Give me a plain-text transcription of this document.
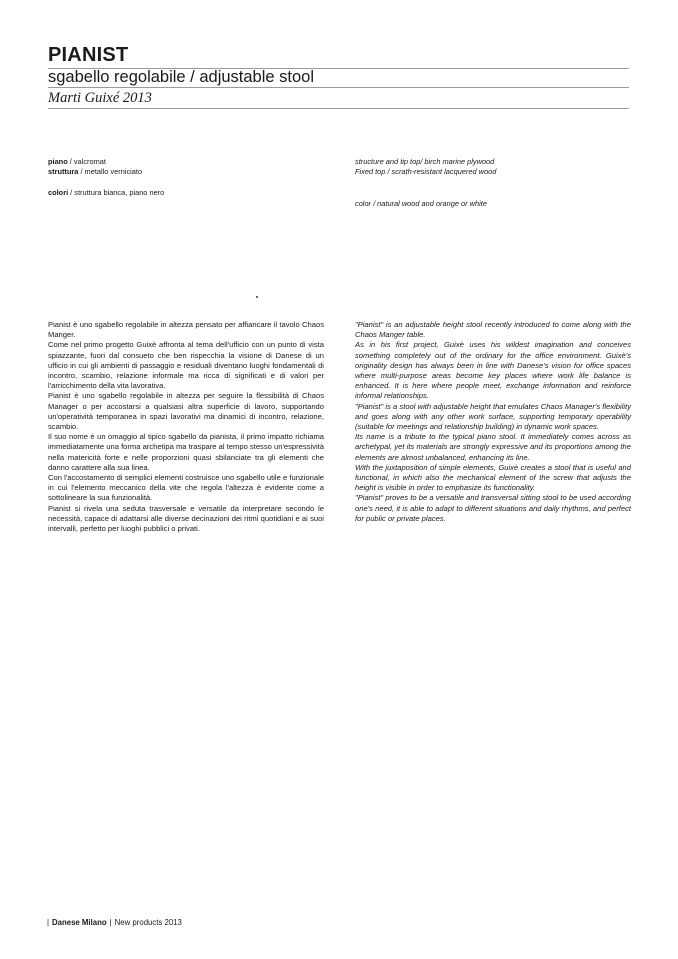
PIANIST
sgabello regolabile / adjustable stool
Marti Guixé 2013
piano / valcromat
struttura / metallo verniciato
colori / struttura bianca, piano nero
structure and tip top/ birch marine plywood
Fixed top / scrath-resistant lacquered wood
color / natural wood and orange or white

Pianist è uno sgabello regolabile in altezza pensato per affiancare il tavolo Chaos Manger.

Come nel primo progetto Guixè affronta al tema dell'ufficio con un punto di vista spiazzante, fuori dal consueto che ben rispecchia la visione di Danese di un ufficio in cui gli ambienti di passaggio e residuali diventano luoghi fondamentali di incontro, scambio, relazione informale ma ricca di significati e di valori per l'arricchimento della vita lavorativa.

Pianist è uno sgabello regolabile in altezza per seguire la flessibilità di Chaos Manager o per accostarsi a qualsiasi altra superficie di lavoro, supportando un'operatività temporanea in spazi lavorativi ma dinamici di incontro, relazione, scambio.

Il suo nome è un omaggio al tipico sgabello da pianista, il primo impatto richiama immediatamente una forma archetipa ma traspare al tempo stesso un'espressività nella matericità forte e nelle proporzioni quasi sbilanciate tra gli elementi che danno carattere alla sua linea.

Con l'accostamento di semplici elementi costruisce uno sgabello utile e funzionale in cui l'elemento meccanico della vite che regola l'altezza è evidente come a sottolineare la sua funzionalità.

Pianist si rivela una seduta trasversale e versatile da interpretare secondo le necessità, capace di adattarsi alle diverse decinazioni dei ritmi quotidiani e ai suoi intervalli, perfetto per luoghi pubblici o privati.

"Pianist" is an adjustable height stool recently introduced to come along with the Chaos Manger table.

As in his first project, Guixè uses his wildest imagination and conceives something completely out of the ordinary for the office environment. Guixè's originality design has always been in line with Danese's vision for office spaces where multi-purpose areas become key places where work life balance is enhanced. It is here where people meet, exchange information and reinforce informal relationships.

"Pianist" is a stool with adjustable height that emulates Chaos Manager's flexibility and goes along with any other work surface, supporting temporary operability (suitable for meetings and relationship building) in dynamic work spaces.

Its name is a tribute to the typical piano stool. It immediately comes across as archetypal, yet its materials are strongly expressive and its proportions among the elements are almost unbalanced, enhancing its line.

With the juxtaposition of simple elements, Guixè creates a stool that is useful and functional, in which also the mechanical element of the screw that adjusts the height is visible in order to emphasize its functionality.

"Pianist" proves to be a versatile and transversal sitting stool to be used according one's need, it is able to adapt to different situations and daily rhythms, and perfect for public or private places.

| Danese Milano | New products 2013
